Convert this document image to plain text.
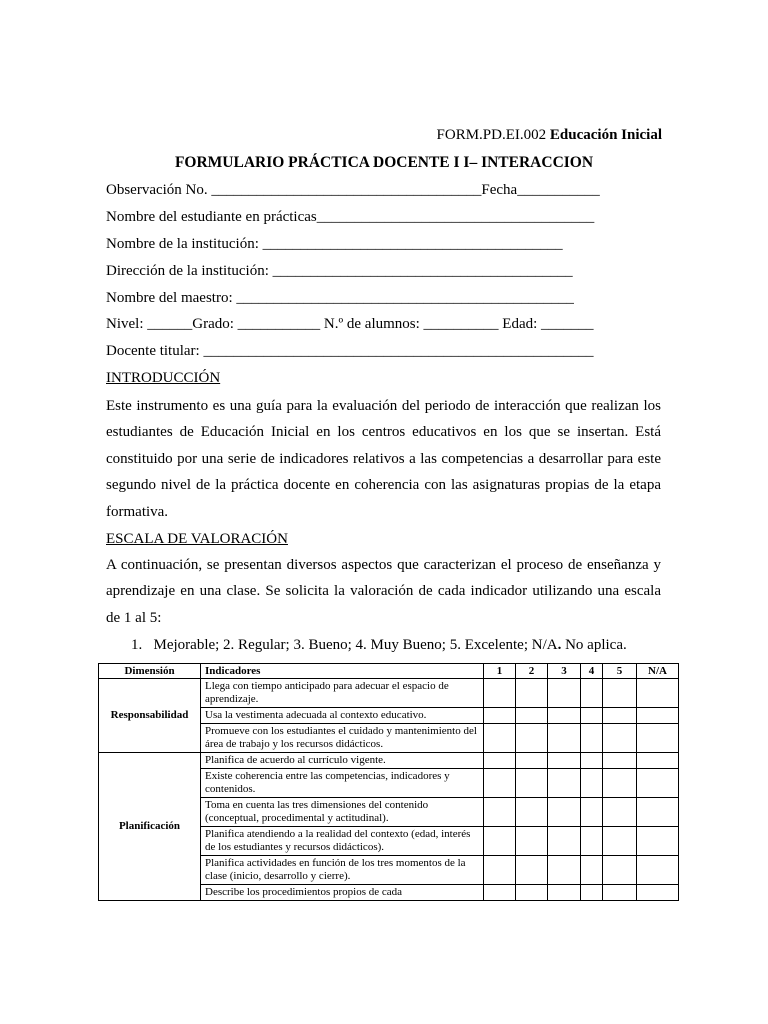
FORM.PD.EI.002 Educación Inicial
FORMULARIO PRÁCTICA DOCENTE I I– INTERACCION
Observación No. ____________________________________Fecha___________
Nombre del estudiante en prácticas_____________________________________
Nombre de la institución: ________________________________________
Dirección de la institución: ________________________________________
Nombre del maestro: _____________________________________________
Nivel: ______Grado: ___________ N.º de alumnos: __________ Edad: _______
Docente titular: ____________________________________________________
INTRODUCCIÓN
Este instrumento es una guía para la evaluación del periodo de interacción que realizan los
estudiantes de Educación Inicial en los centros educativos en los que se insertan. Está
constituido por una serie de indicadores relativos a las competencias a desarrollar para este
segundo nivel de la práctica docente en coherencia con las asignaturas propias de la etapa
formativa.
ESCALA DE VALORACIÓN
A continuación, se presentan diversos aspectos que caracterizan el proceso de enseñanza y
aprendizaje en una clase. Se solicita la valoración de cada indicador utilizando una escala
de 1 al 5:
1. Mejorable; 2. Regular; 3. Bueno; 4. Muy Bueno; 5. Excelente; N/A. No aplica.
Dimensión	Indicadores	1	2	3	4	5	N/A
Responsabilidad	Llega con tiempo anticipado para adecuar el espacio de aprendizaje.						
	Usa la vestimenta adecuada al contexto educativo.						
	Promueve con los estudiantes el cuidado y mantenimiento del área de trabajo y los recursos didácticos.						
Planificación	Planifica de acuerdo al currículo vigente.						
	Existe coherencia entre las competencias, indicadores y contenidos.						
	Toma en cuenta las tres dimensiones del contenido (conceptual, procedimental y actitudinal).						
	Planifica atendiendo a la realidad del contexto (edad, interés de los estudiantes y recursos didácticos).						
	Planifica actividades en función de los tres momentos de la clase (inicio, desarrollo y cierre).						
	Describe los procedimientos propios de cada						
